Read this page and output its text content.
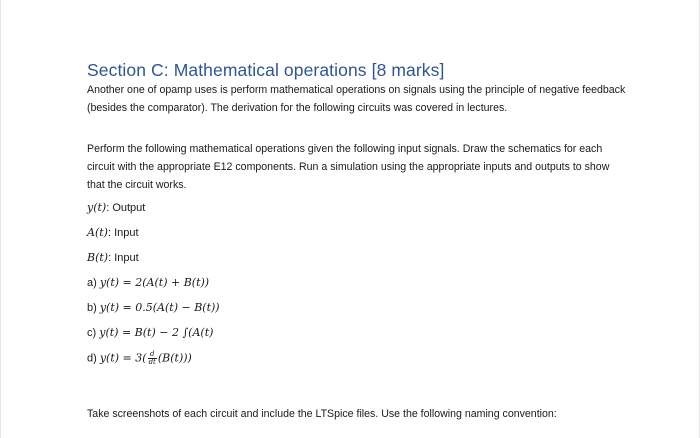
Section C: Mathematical operations [8 marks]

Another one of opamp uses is perform mathematical operations on signals using the principle of negative feedback (besides the comparator). The derivation for the following circuits was covered in lectures.

Perform the following mathematical operations given the following input signals. Draw the schematics for each circuit with the appropriate E12 components. Run a simulation using the appropriate inputs and outputs to show that the circuit works.

y(t): Output
A(t): Input
B(t): Input
a) y(t) = 2(A(t) + B(t))
b) y(t) = 0.5(A(t) − B(t))
c) y(t) = B(t) − 2 ∫(A(t)
d) $y(t) = 3( \frac{d}{dt} (B(t)))$
Take screenshots of each circuit and include the LTSpice files. Use the following naming convention:
